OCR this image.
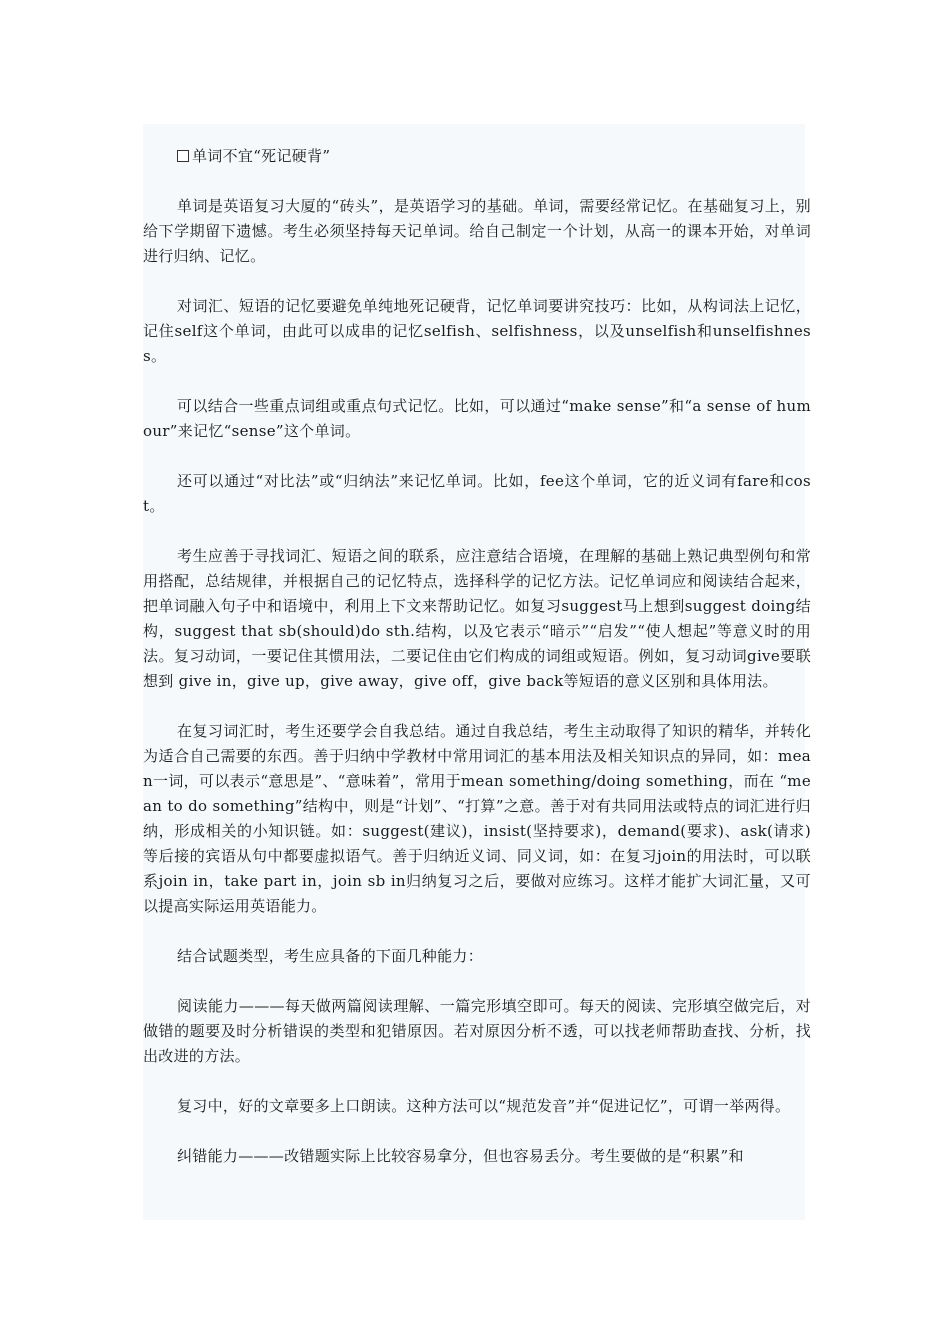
单词不宜“死记硬背”

单词是英语复习大厦的“砖头”，是英语学习的基础。单词，需要经常记忆。在基础复习上，别给下学期留下遗憾。考生必须坚持每天记单词。给自己制定一个计划，从高一的课本开始，对单词进行归纳、记忆。

对词汇、短语的记忆要避免单纯地死记硬背，记忆单词要讲究技巧：比如，从构词法上记忆，记住self这个单词，由此可以成串的记忆selfish、selfishness，以及unselfish和unselfishness。

可以结合一些重点词组或重点句式记忆。比如，可以通过“make sense”和“a sense of humour”来记忆“sense”这个单词。

还可以通过“对比法”或“归纳法”来记忆单词。比如，fee这个单词，它的近义词有fare和cost。

考生应善于寻找词汇、短语之间的联系，应注意结合语境，在理解的基础上熟记典型例句和常用搭配，总结规律，并根据自己的记忆特点，选择科学的记忆方法。记忆单词应和阅读结合起来，把单词融入句子中和语境中，利用上下文来帮助记忆。如复习suggest马上想到suggest doing结构，suggest that sb(should)do sth.结构，以及它表示“暗示”“启发”“使人想起”等意义时的用法。复习动词，一要记住其惯用法，二要记住由它们构成的词组或短语。例如，复习动词give要联想到 give in，give up，give away，give off，give back等短语的意义区别和具体用法。

在复习词汇时，考生还要学会自我总结。通过自我总结，考生主动取得了知识的精华，并转化为适合自己需要的东西。善于归纳中学教材中常用词汇的基本用法及相关知识点的异同，如：mean一词，可以表示“意思是”、“意味着”，常用于mean something/doing something，而在 “mean to do something”结构中，则是“计划”、“打算”之意。善于对有共同用法或特点的词汇进行归纳，形成相关的小知识链。如：suggest(建议)，insist(坚持要求)，demand(要求)、ask(请求)等后接的宾语从句中都要虚拟语气。善于归纳近义词、同义词，如：在复习join的用法时，可以联系join in，take part in，join sb in归纳复习之后，要做对应练习。这样才能扩大词汇量，又可以提高实际运用英语能力。

结合试题类型，考生应具备的下面几种能力：

阅读能力———每天做两篇阅读理解、一篇完形填空即可。每天的阅读、完形填空做完后，对做错的题要及时分析错误的类型和犯错原因。若对原因分析不透，可以找老师帮助查找、分析，找出改进的方法。

复习中，好的文章要多上口朗读。这种方法可以“规范发音”并“促进记忆”，可谓一举两得。

纠错能力———改错题实际上比较容易拿分，但也容易丢分。考生要做的是“积累”和
